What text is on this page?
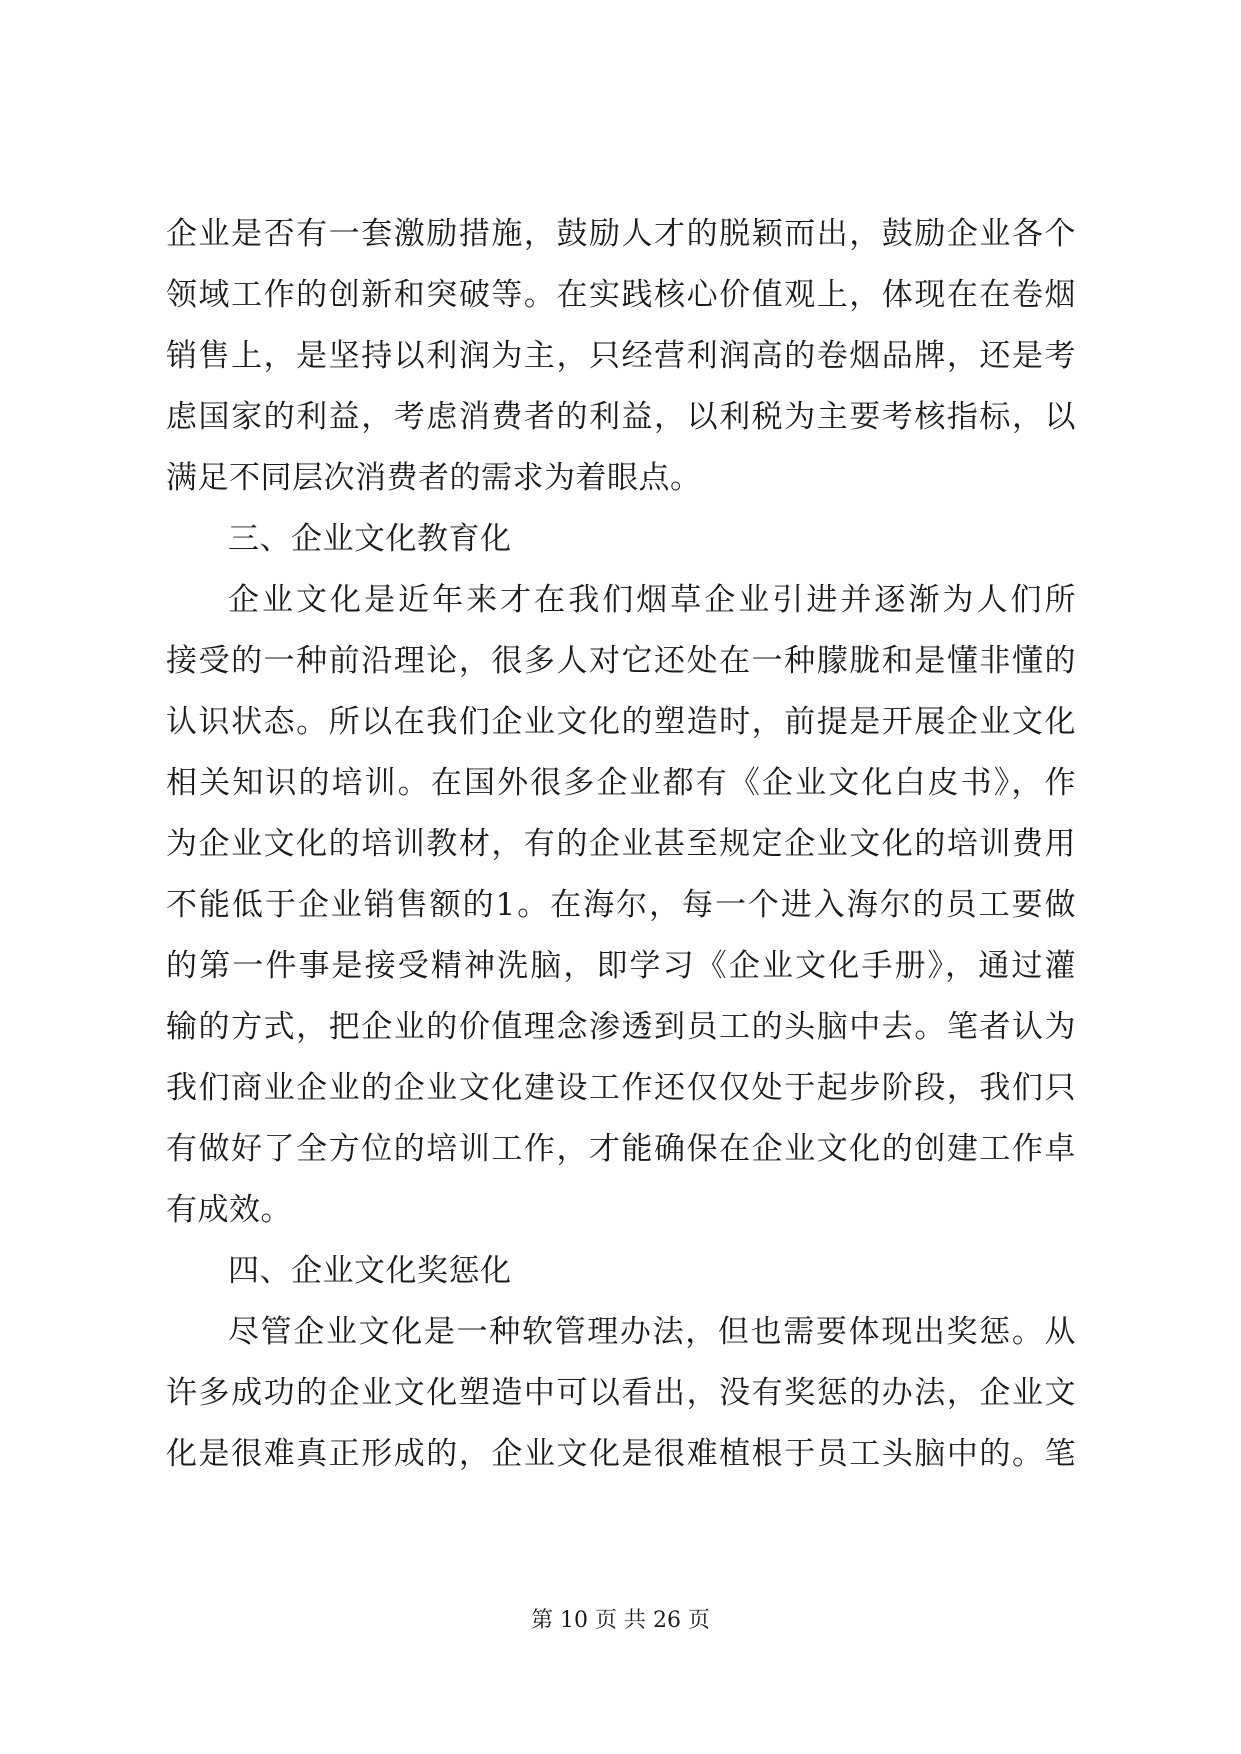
企业是否有一套激励措施，鼓励人才的脱颖而出，鼓励企业各个
领域工作的创新和突破等。在实践核心价值观上，体现在在卷烟
销售上，是坚持以利润为主，只经营利润高的卷烟品牌，还是考
虑国家的利益，考虑消费者的利益，以利税为主要考核指标，以
满足不同层次消费者的需求为着眼点。
三、企业文化教育化
企业文化是近年来才在我们烟草企业引进并逐渐为人们所
接受的一种前沿理论，很多人对它还处在一种朦胧和是懂非懂的
认识状态。所以在我们企业文化的塑造时，前提是开展企业文化
相关知识的培训。在国外很多企业都有《企业文化白皮书》，作
为企业文化的培训教材，有的企业甚至规定企业文化的培训费用
不能低于企业销售额的1。在海尔，每一个进入海尔的员工要做
的第一件事是接受精神洗脑，即学习《企业文化手册》，通过灌
输的方式，把企业的价值理念渗透到员工的头脑中去。笔者认为
我们商业企业的企业文化建设工作还仅仅处于起步阶段，我们只
有做好了全方位的培训工作，才能确保在企业文化的创建工作卓
有成效。
四、企业文化奖惩化
尽管企业文化是一种软管理办法，但也需要体现出奖惩。从
许多成功的企业文化塑造中可以看出，没有奖惩的办法，企业文
化是很难真正形成的，企业文化是很难植根于员工头脑中的。笔
第 10 页 共 26 页
